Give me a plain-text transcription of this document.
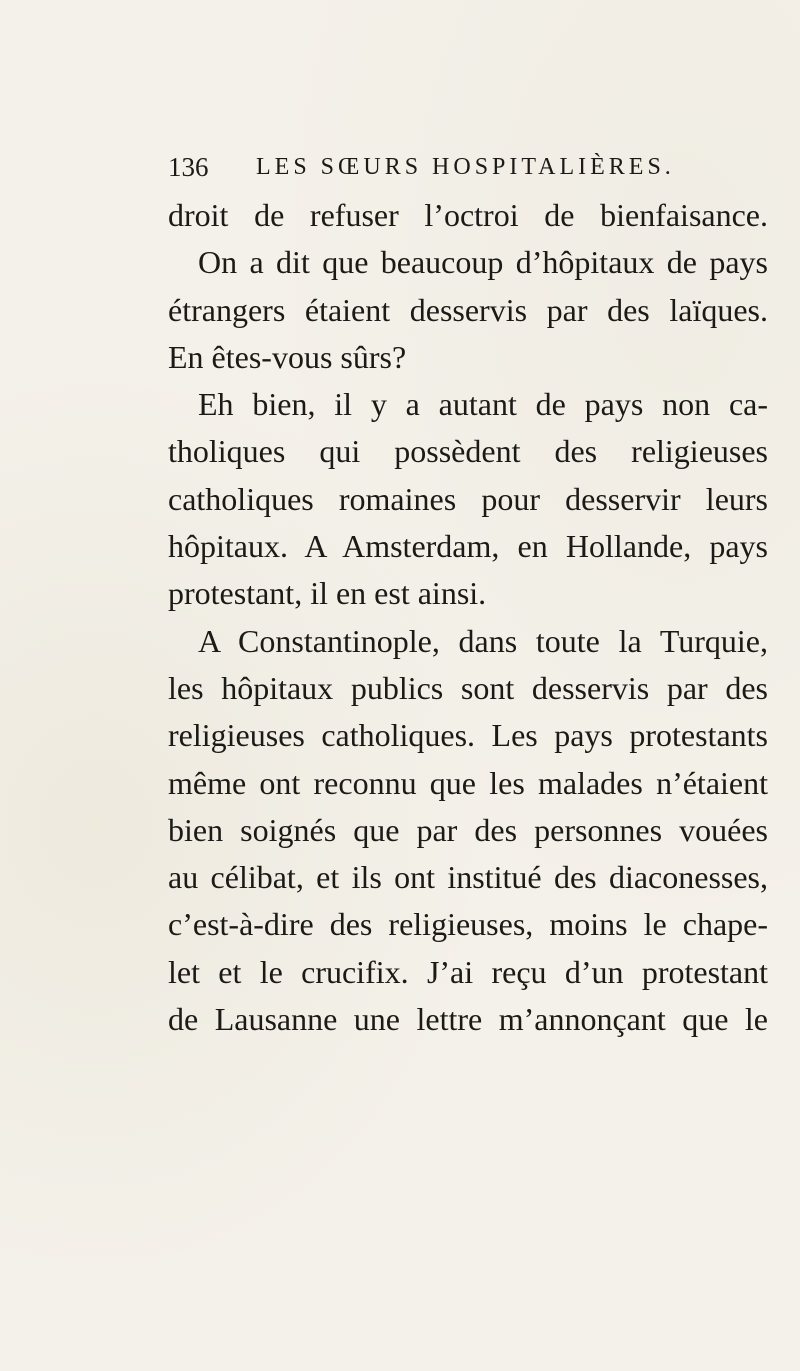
136 LES SŒURS HOSPITALIÈRES.
droit de refuser l’octroi de bienfaisance.
On a dit que beaucoup d’hôpitaux de pays
étrangers étaient desservis par des laïques.
En êtes-vous sûrs?
Eh bien, il y a autant de pays non ca-
tholiques qui possèdent des religieuses
catholiques romaines pour desservir leurs
hôpitaux. A Amsterdam, en Hollande, pays
protestant, il en est ainsi.
A Constantinople, dans toute la Turquie,
les hôpitaux publics sont desservis par des
religieuses catholiques. Les pays protestants
même ont reconnu que les malades n’étaient
bien soignés que par des personnes vouées
au célibat, et ils ont institué des diaconesses,
c’est-à-dire des religieuses, moins le chape-
let et le crucifix. J’ai reçu d’un protestant
de Lausanne une lettre m’annonçant que le
